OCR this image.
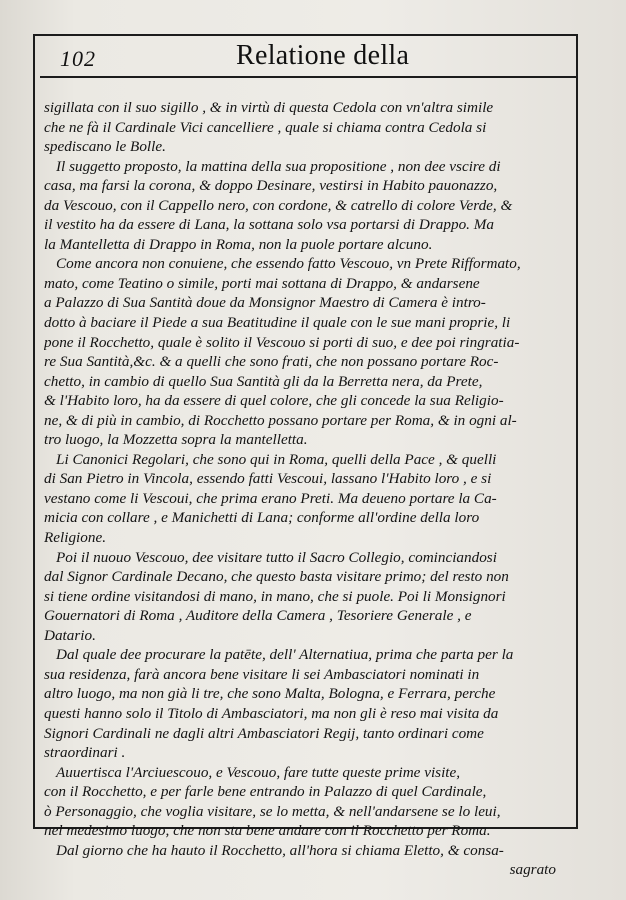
102	Relatione della
sigillata con il suo sigillo , & in virtù di questa Cedola con vn'altra simile
che ne fà il Cardinale Vici cancelliere , quale si chiama contra Cedola si
spediscano le Bolle.
Il suggetto proposto, la mattina della sua propositione , non dee vscire di
casa, ma farsi la corona, & doppo Desinare, vestirsi in Habito pauonazzo,
da Vescouo, con il Cappello nero, con cordone, & catrello di colore Verde, &
il vestito ha da essere di Lana, la sottana solo vsa portarsi di Drappo. Ma
la Mantelletta di Drappo in Roma, non la puole portare alcuno.
Come ancora non conuiene, che essendo fatto Vescouo, vn Prete Rifformato,
mato, come Teatino o simile, porti mai sottana di Drappo, & andarsene
a Palazzo di Sua Santità doue da Monsignor Maestro di Camera è intro-
dotto à baciare il Piede a sua Beatitudine il quale con le sue mani proprie, li
pone il Rocchetto, quale è solito il Vescouo si porti di suo, e dee poi ringratia-
re Sua Santità,&c. & a quelli che sono frati, che non possano portare Roc-
chetto, in cambio di quello Sua Santità gli da la Berretta nera, da Prete,
& l'Habito loro, ha da essere di quel colore, che gli concede la sua Religio-
ne, & di più in cambio, di Rocchetto possano portare per Roma, & in ogni al-
tro luogo, la Mozzetta sopra la mantelletta.
Li Canonici Regolari, che sono qui in Roma, quelli della Pace , & quelli
di San Pietro in Vincola, essendo fatti Vescoui, lassano l'Habito loro , e si
vestano come li Vescoui, che prima erano Preti. Ma deueno portare la Ca-
micia con collare , e Manichetti di Lana; conforme all'ordine della loro
Religione.
Poi il nuouo Vescouo, dee visitare tutto il Sacro Collegio, cominciandosi
dal Signor Cardinale Decano, che questo basta visitare primo; del resto non
si tiene ordine visitandosi di mano, in mano, che si puole. Poi li Monsignori
Gouernatori di Roma , Auditore della Camera , Tesoriere Generale , e
Datario.
Dal quale dee procurare la patēte, dell' Alternatiua, prima che parta per la
sua residenza, farà ancora bene visitare li sei Ambasciatori nominati in
altro luogo, ma non già li tre, che sono Malta, Bologna, e Ferrara, perche
questi hanno solo il Titolo di Ambasciatori, ma non gli è reso mai visita da
Signori Cardinali ne dagli altri Ambasciatori Regij, tanto ordinari come
straordinari .
Auuertisca l'Arciuescouo, e Vescouo, fare tutte queste prime visite,
con il Rocchetto, e per farle bene entrando in Palazzo di quel Cardinale,
ò Personaggio, che voglia visitare, se lo metta, & nell'andarsene se lo leui,
nel medesimo luogo, che non sta bene andare con il Rocchetto per Roma.
Dal giorno che ha hauto il Rocchetto, all'hora si chiama Eletto, & consa-
sagrato
